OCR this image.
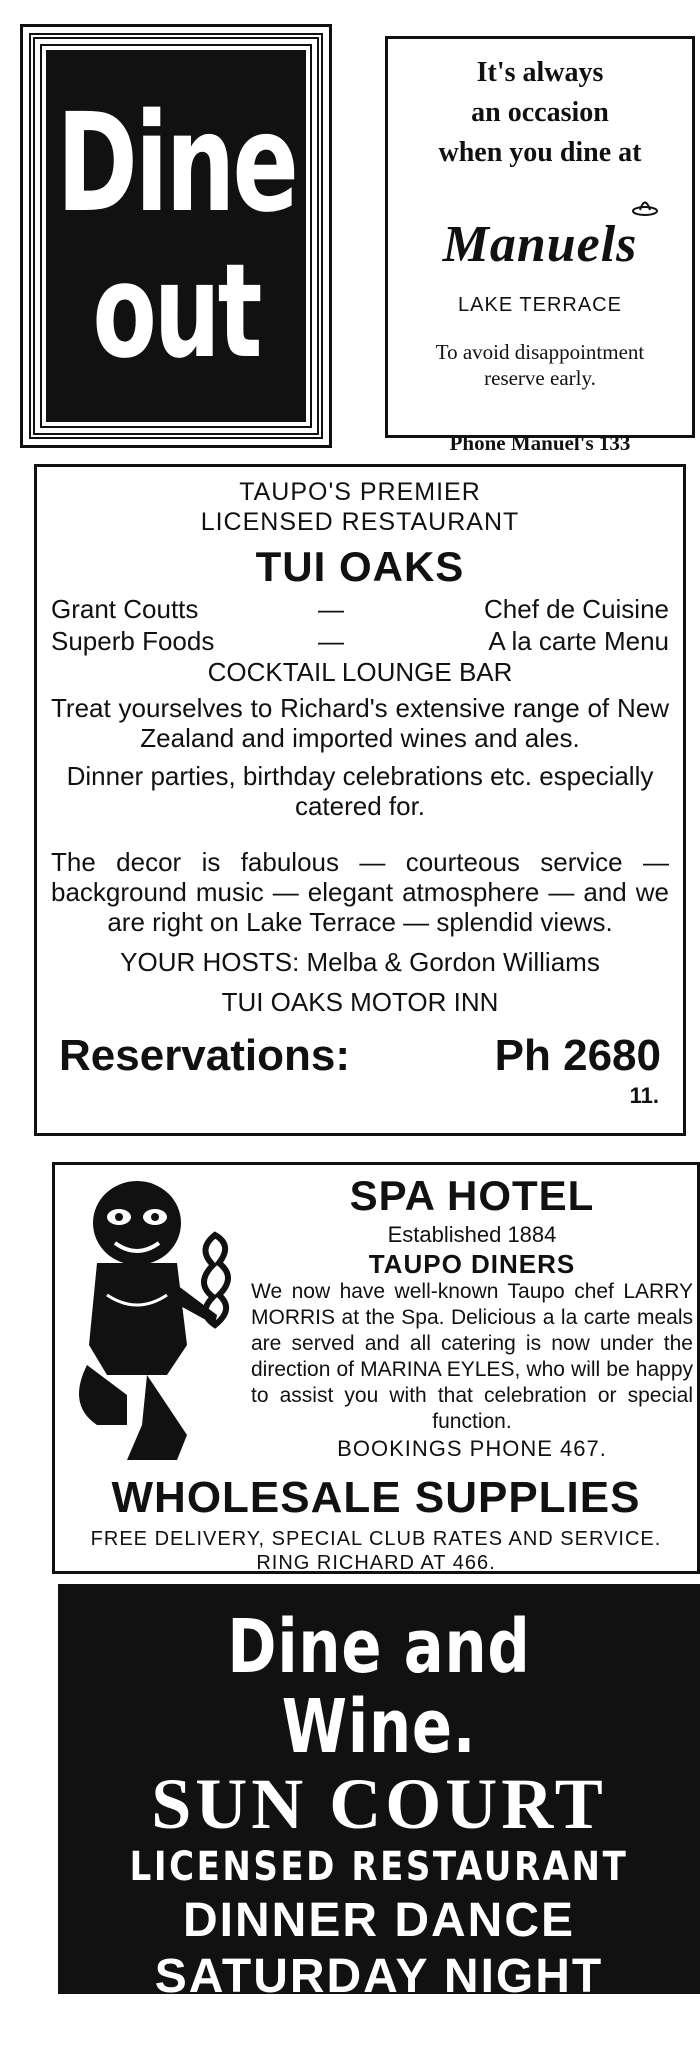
Dine
out
It's always
an occasion
when you dine at
Manuels
LAKE TERRACE
To avoid disappointment
reserve early.
Phone Manuel's 133
TAUPO'S PREMIER
LICENSED RESTAURANT
TUI OAKS
Grant Coutts	—	Chef de Cuisine
Superb Foods	—	A la carte Menu
COCKTAIL LOUNGE BAR
Treat yourselves to Richard's extensive range of New Zealand and imported wines and ales.
Dinner parties, birthday celebrations etc. especially catered for.
The decor is fabulous — courteous service — background music — elegant atmosphere — and we are right on Lake Terrace — splendid views.
YOUR HOSTS: Melba & Gordon Williams
TUI OAKS MOTOR INN
Reservations:	Ph 2680
11.
SPA HOTEL
Established 1884
TAUPO DINERS
We now have well-known Taupo chef LARRY MORRIS at the Spa. Delicious a la carte meals are served and all catering is now under the direction of MARINA EYLES, who will be happy to assist you with that celebration or special function.
BOOKINGS PHONE 467.
WHOLESALE SUPPLIES
FREE DELIVERY, SPECIAL CLUB RATES AND SERVICE. RING RICHARD AT 466.
Dine and Wine.
SUN COURT
LICENSED RESTAURANT
DINNER DANCE
SATURDAY NIGHT
PHONE 2256 AFTER 3 P.M.
